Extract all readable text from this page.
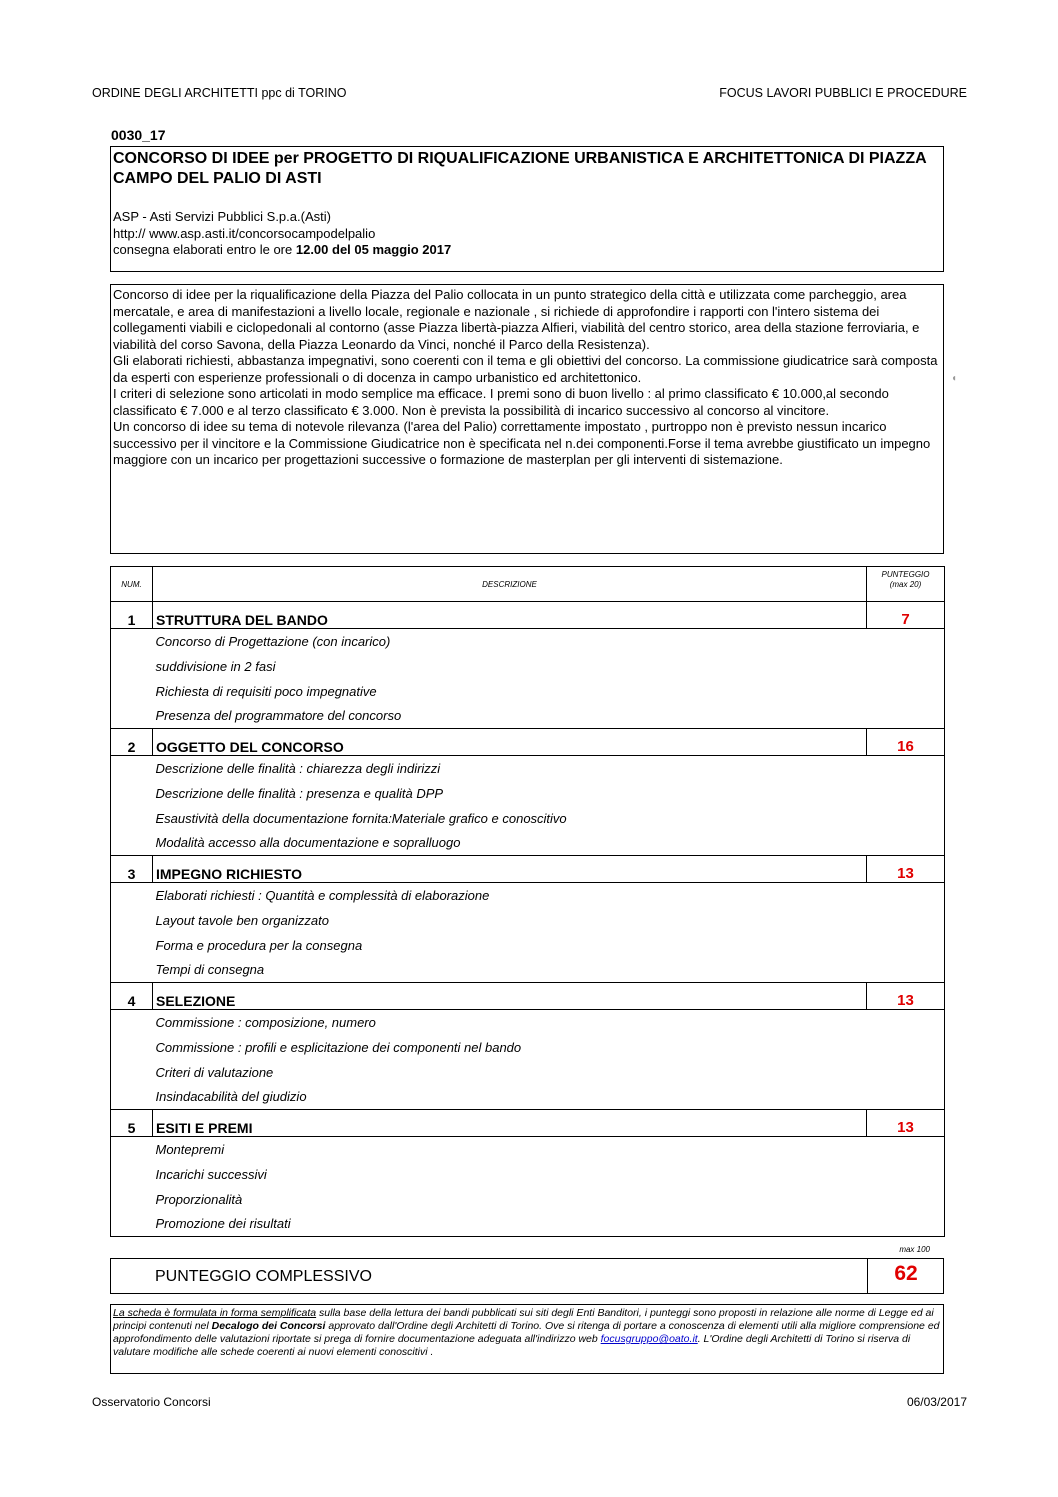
ORDINE DEGLI ARCHITETTI ppc di TORINO	FOCUS LAVORI PUBBLICI E PROCEDURE
0030_17
CONCORSO DI IDEE per PROGETTO DI RIQUALIFICAZIONE URBANISTICA E ARCHITETTONICA DI PIAZZA CAMPO DEL PALIO DI ASTI
ASP - Asti Servizi Pubblici S.p.a.(Asti)
http:// www.asp.asti.it/concorsocampodelpalio
consegna elaborati entro le ore 12.00 del 05 maggio 2017

Concorso di idee per la riqualificazione della Piazza del Palio collocata in un punto strategico della città e utilizzata come parcheggio, area mercatale, e area di manifestazioni a livello locale, regionale e nazionale , si richiede di approfondire i rapporti con l'intero sistema dei collegamenti viabili e ciclopedonali al contorno (asse Piazza libertà-piazza Alfieri, viabilità del centro storico, area della stazione ferroviaria, e viabilità del corso Savona, della Piazza Leonardo da Vinci, nonché il Parco della Resistenza).

Gli elaborati richiesti, abbastanza impegnativi, sono coerenti con il tema e gli obiettivi del concorso. La commissione giudicatrice sarà composta da esperti con esperienze professionali o di docenza in campo urbanistico ed architettonico.

I criteri di selezione sono articolati in modo semplice ma efficace. I premi sono di buon livello : al primo classificato € 10.000,al secondo classificato € 7.000 e al terzo classificato € 3.000. Non è prevista la possibilità di incarico successivo al concorso al vincitore.

Un concorso di idee su tema di notevole rilevanza (l'area del Palio) correttamente impostato , purtroppo non è previsto nessun incarico successivo per il vincitore e la Commissione Giudicatrice non è specificata nel n.dei componenti.Forse il tema avrebbe giustificato un impegno maggiore con un incarico per progettazioni successive o formazione de masterplan per gli interventi di sistemazione.

◖
NUM.	DESCRIZIONE	PUNTEGGIO
(max 20)

1	STRUTTURA DEL BANDO	7
	Concorso di Progettazione (con incarico)	
	suddivisione in 2 fasi	
	Richiesta di requisiti poco impegnative	
	Presenza del programmatore del concorso	
2	OGGETTO DEL CONCORSO	16
	Descrizione delle finalità : chiarezza degli indirizzi	
	Descrizione delle finalità : presenza e qualità DPP	
	Esaustività della documentazione fornita:Materiale grafico e conoscitivo	
	Modalità accesso alla documentazione e sopralluogo	
3	IMPEGNO RICHIESTO	13
	Elaborati richiesti : Quantità e complessità di elaborazione	
	Layout tavole ben organizzato	
	Forma e procedura per la consegna	
	Tempi di consegna	
4	SELEZIONE	13
	Commissione : composizione, numero	
	Commissione : profili e esplicitazione dei componenti nel bando	
	Criteri di valutazione	
	Insindacabilità del giudizio	
5	ESITI E PREMI	13
	Montepremi	
	Incarichi successivi	
	Proporzionalità	
	Promozione dei risultati	
max 100
PUNTEGGIO COMPLESSIVO	62
La scheda è formulata in forma semplificata sulla base della lettura dei bandi pubblicati sui siti degli Enti Banditori, i punteggi sono proposti in relazione alle norme di Legge ed ai principi contenuti nel Decalogo dei Concorsi approvato dall'Ordine degli Architetti di Torino. Ove si ritenga di portare a conoscenza di elementi utili alla migliore comprensione ed approfondimento delle valutazioni riportate si prega di fornire documentazione adeguata all'indirizzo web focusgruppo@oato.it. L'Ordine degli Architetti di Torino si riserva di valutare modifiche alle schede coerenti ai nuovi elementi conoscitivi .
Osservatorio Concorsi	06/03/2017
